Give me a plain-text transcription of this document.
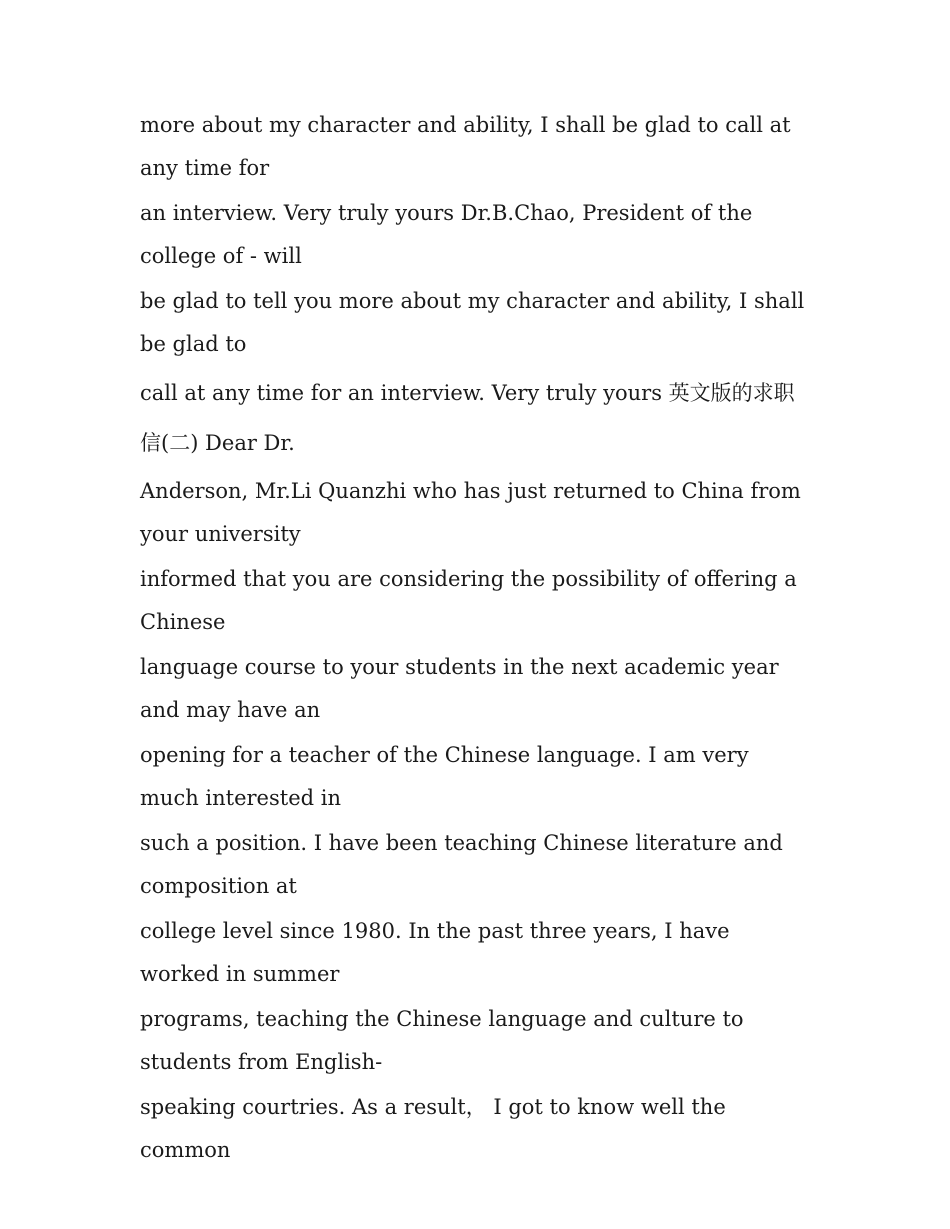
more about my character and ability, I shall be glad to call at any time for

an interview. Very truly yours Dr.B.Chao, President of the college of - will

be glad to tell you more about my character and ability, I shall be glad to

call at any time for an interview. Very truly yours 英文版的求职信(二) Dear Dr.

Anderson, Mr.Li Quanzhi who has just returned to China from your university

informed that you are considering the possibility of offering a Chinese

language course to your students in the next academic year and may have an

opening for a teacher of the Chinese language. I am very much interested in

such a position. I have been teaching Chinese literature and composition at

college level since 1980. In the past three years, I have worked in summer

programs, teaching the Chinese language and culture to students from English-

speaking courtries. As a result， I got to know well the common
